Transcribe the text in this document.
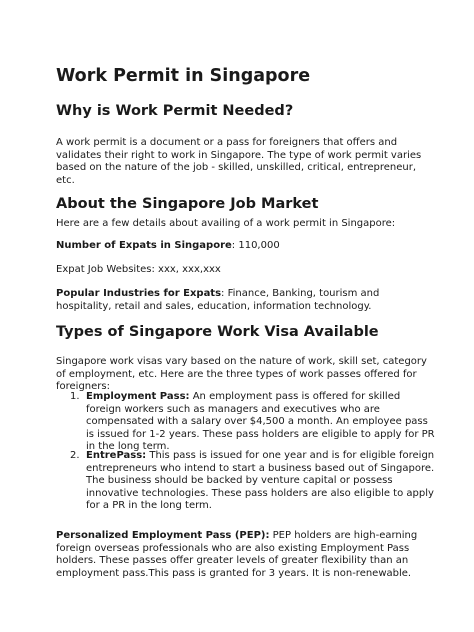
Work Permit in Singapore
Why is Work Permit Needed?

A work permit is a document or a pass for foreigners that offers and validates their right to work in Singapore. The type of work permit varies based on the nature of the job - skilled, unskilled, critical, entrepreneur, etc.

About the Singapore Job Market

Here are a few details about availing of a work permit in Singapore:

Number of Expats in Singapore: 110,000

Expat Job Websites: xxx, xxx,xxx

Popular Industries for Expats: Finance, Banking, tourism and hospitality, retail and sales, education, information technology.

Types of Singapore Work Visa Available

Singapore work visas vary based on the nature of work, skill set, category of employment, etc. Here are the three types of work passes offered for foreigners:

1. Employment Pass: An employment pass is offered for skilled foreign workers such as managers and executives who are compensated with a salary over $4,500 a month. An employee pass is issued for 1-2 years. These pass holders are eligible to apply for PR in the long term.
2. EntrePass: This pass is issued for one year and is for eligible foreign entrepreneurs who intend to start a business based out of Singapore. The business should be backed by venture capital or possess innovative technologies. These pass holders are also eligible to apply for a PR in the long term.

Personalized Employment Pass (PEP): PEP holders are high-earning foreign overseas professionals who are also existing Employment Pass holders. These passes offer greater levels of greater flexibility than an employment pass.This pass is granted for 3 years. It is non-renewable.
